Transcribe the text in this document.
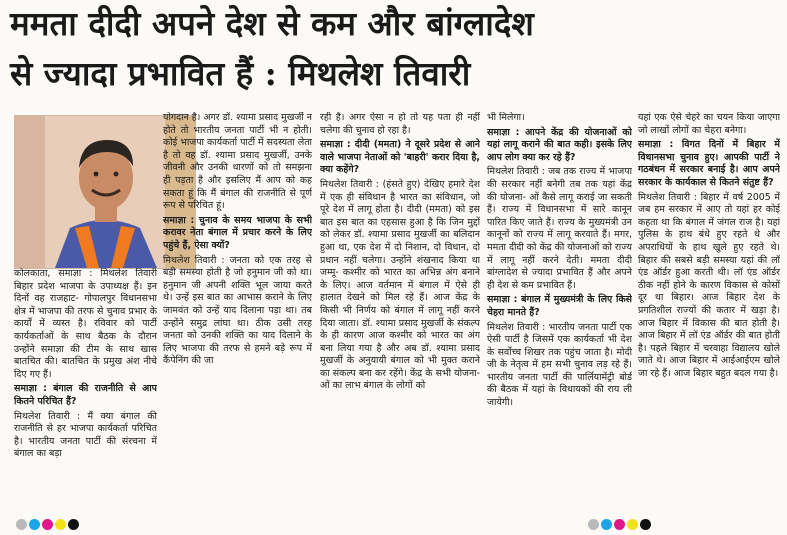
ममता दीदी अपने देश से कम और बांग्लादेश
से ज्यादा प्रभावित हैं : मिथलेश तिवारी

कोलकाता, समाज्ञा : मिथलेश तिवारी बिहार प्रदेश भाजपा के उपाध्यक्ष हैं। इन दिनों वह राजहाट- गोपालपुर विधानसभा क्षेत्र में भाजपा की तरफ से चुनाव प्रभार के कार्यों में व्यस्त है। रविवार को पार्टी कार्यकर्ताओं के साथ बैठक के दौरान उन्होंने समाज्ञा की टीम के साथ खास बातचित की। बातचित के प्रमुख अंश नीचे दिए गए हैं।

समाज्ञा : बंगाल की राजनीति से आप कितने परिचित हैं?

मिथलेश तिवारी : मैं क्या बंगाल की राजनीति से हर भाजपा कार्यकर्ता परिचित है। भारतीय जनता पार्टी की संरचना में बंगाल का बड़ा

योगदान है। अगर डॉ. श्यामा प्रसाद मुखर्जी न होते तो भारतीय जनता पार्टी भी न होती। कोई भाजपा कार्यकर्ता पार्टी में सदस्यता लेता है तो वह डॉ. श्यामा प्रसाद मुखर्जी, उनके जीवनी और उनकी धारणों को तो समझना ही पड़ता है और इसलिए मैं आप को कह सकता हूं कि मैं बंगाल की राजनीति से पूर्ण रूप से परिचित हूं।

समाज्ञा : चुनाव के समय भाजपा के सभी करावर नेता बंगाल में प्रचार करने के लिए पहुंचे हैं, ऐसा क्यों?

मिथलेश तिवारी : जनता को एक तरह से बड़ी समस्या होती है जो हनुमान जी को था। हनुमान जी अपनी शक्ति भूल जाया करते थे। उन्हें इस बात का आभास कराने के लिए जामवंत को उन्हें याद दिलाना पड़ा था। तब उन्होंने समुद्र लांघा था। ठीक उसी तरह जनता को उनकी शक्ति का याद दिलाने के लिए भाजपा की तरफ से हमने बड़े रूप में कैंपेनिंग की जा

रही है। अगर ऐसा न हो तो यह पता ही नहीं चलेगा की चुनाव हो रहा है।

समाज्ञा : दीदी (ममता) ने दूसरे प्रदेश से आने वाले भाजपा नेताओं को 'बाहरी' करार दिया है, क्या कहेंगे?

मिथलेश तिवारी : (हंसते हुए) देखिए हमारे देश में एक ही संविधान है भारत का संविधान, जो पूरे देश में लागू होता है। दीदी (ममता) को इस बात इस बात का एहसास हुआ है कि जिन मुद्दों को लेकर डॉ. श्यामा प्रसाद मुखर्जी का बलिदान हुआ था, एक देश में दो निशान, दो विधान, दो प्रधान नहीं चलेगा। उन्होंने शंखनाद किया था जम्मू- कश्मीर को भारत का अभिन्न अंग बनाने के लिए। आज वर्तमान में बंगाल में ऐसे ही हालात देखने को मिल रहे हैं। आज केंद्र के किसी भी निर्णय को बंगाल में लागू नहीं करने दिया जाता। डॉ. श्यामा प्रसाद मुखर्जी के संकल्प के ही कारण आज कश्मीर को भारत का अंग बना लिया गया है और अब डॉ. श्यामा प्रसाद मुखर्जी के अनुयायी बंगाल को भी मुक्त कराने का संकल्प बना कर रहेंगे। केंद्र के सभी योजना- ओं का लाभ बंगाल के लोगों को

भी मिलेगा।

समाज्ञा : आपने केंद्र की योजनाओं को यहां लागू कराने की बात कही। इसके लिए आप लोग क्या कर रहे हैं?

मिथलेश तिवारी : जब तक राज्य में भाजपा की सरकार नहीं बनेगी तब तक यहां केंद्र की योजना- ओं कैसे लागू कराई जा सकती हैं। राज्य में विधानसभा में सारे कानून पारित किए जाते हैं। राज्य के मुख्यमंत्री उन कानूनों को राज्य में लागू करवाते हैं। मगर, ममता दीदी को केंद्र की योजनाओं को राज्य में लागू नहीं करने देती। ममता दीदी बांग्लादेश से ज्यादा प्रभावित हैं और अपने ही देश से कम प्रभावित हैं।

समाज्ञा : बंगाल में मुख्यमंत्री के लिए किसे चेहरा मानते हैं?

मिथलेश तिवारी : भारतीय जनता पार्टी एक ऐसी पार्टी है जिसमें एक कार्यकर्ता भी देश के सर्वोच्च शिखर तक पहुंच जाता है। मोदी जी के नेतृत्व में हम सभी चुनाव लड़ रहे हैं। भारतीय जनता पार्टी की पार्लियामेंट्री बोर्ड की बैठक में यहां के विधायकों की राय ली जायेगी।

यहां एक ऐसे चेहरे का चयन किया जाएगा जो लाखों लोगों का चेहरा बनेगा।

समाज्ञा : विगत दिनों में बिहार में विधानसभा चुनाव हुए। आपकी पार्टी ने गठबंधन में सरकार बनाई है। आप अपने सरकार के कार्यकाल से कितने संतुष्ट हैं?

मिथलेश तिवारी : बिहार में वर्ष 2005 में जब हम सरकार में आए तो यहां हर कोई कहता था कि बंगाल में जंगल राज है। यहां पुलिस के हाथ बंधे हुए रहते थे और अपराधियों के हाथ खुले हुए रहते थे। बिहार की सबसे बड़ी समस्या यहां की लॉ एंड ऑर्डर हुआ करती थी। लॉ एंड ऑर्डर ठीक नहीं होने के कारण विकास से कोसों दूर था बिहार। आज बिहार देश के प्रगतिशील राज्यों की कतार में खड़ा है। आज बिहार में विकास की बात होती है। आज बिहार में लॉ एंड ऑर्डर की बात होती है। पहले बिहार में चरवाहा विद्यालय खोले जाते थे। आज बिहार में आईआईएम खोले जा रहे हैं। आज बिहार बहुत बदल गया है।
